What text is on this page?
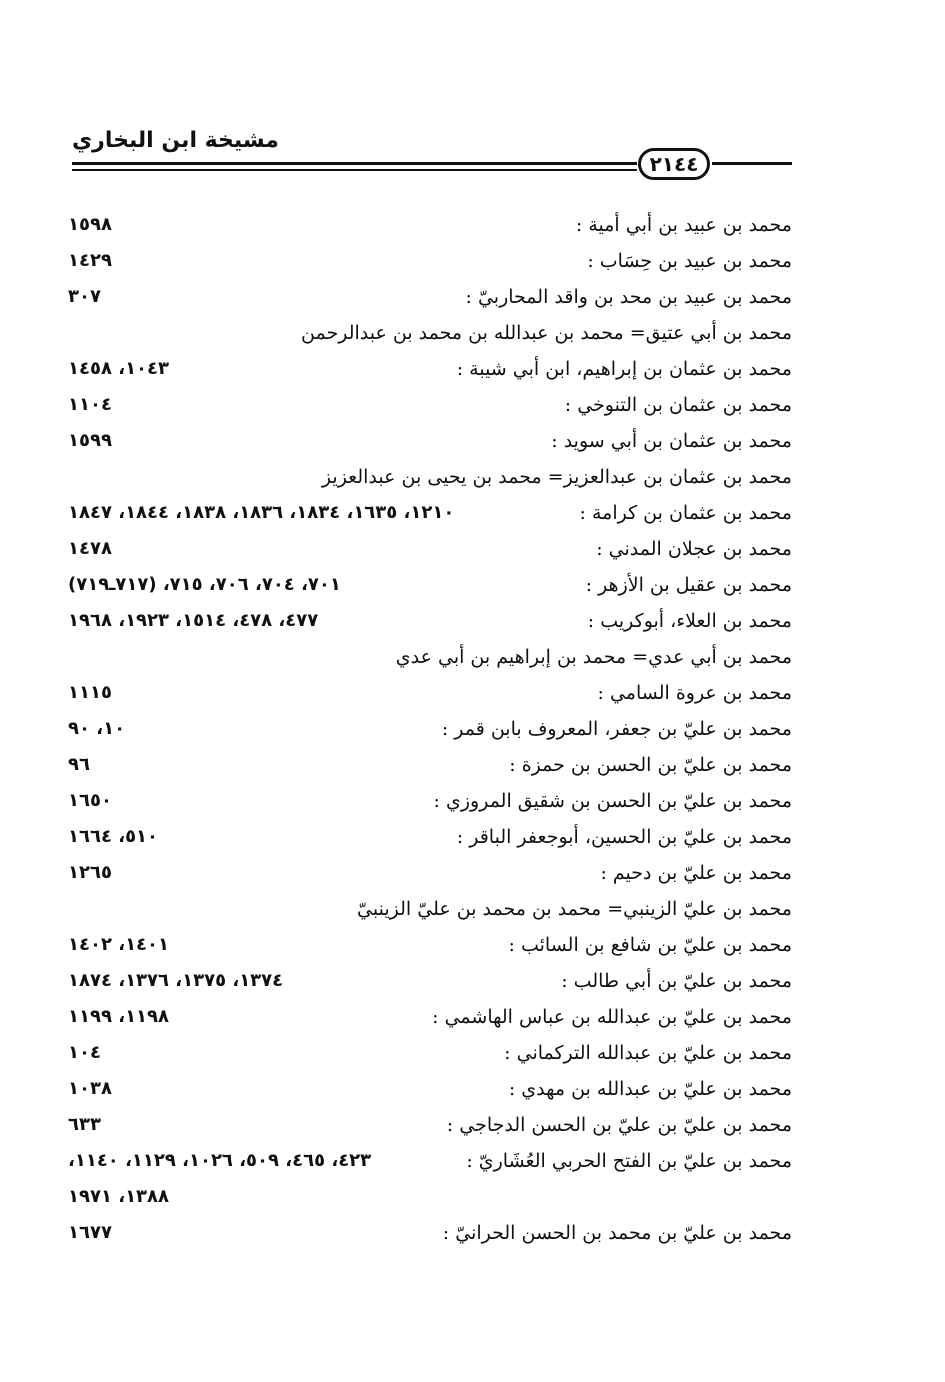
مشيخة ابن البخاري
٢١٤٤
محمد بن عبيد بن أبي أمية :
١٥٩٨
محمد بن عبيد بن حِسَاب :
١٤٢٩
محمد بن عبيد بن محد بن واقد المحاربيّ :
٣٠٧
محمد بن أبي عتيق= محمد بن عبدالله بن محمد بن عبدالرحمن
محمد بن عثمان بن إبراهيم، ابن أبي شيبة :
١٠٤٣، ١٤٥٨
محمد بن عثمان بن التنوخي :
١١٠٤
محمد بن عثمان بن أبي سويد :
١٥٩٩
محمد بن عثمان بن عبدالعزيز= محمد بن يحيى بن عبدالعزيز
محمد بن عثمان بن كرامة :
١٢١٠، ١٦٣٥، ١٨٣٤، ١٨٣٦، ١٨٣٨، ١٨٤٤، ١٨٤٧
محمد بن عجلان المدني :
١٤٧٨
محمد بن عقيل بن الأزهر :
٧٠١، ٧٠٤، ٧٠٦، ٧١٥، (٧١٧ـ٧١٩)
محمد بن العلاء، أبوكريب :
٤٧٧، ٤٧٨، ١٥١٤، ١٩٢٣، ١٩٦٨
محمد بن أبي عدي= محمد بن إبراهيم بن أبي عدي
محمد بن عروة السامي :
١١١٥
محمد بن عليّ بن جعفر، المعروف بابن قمر :
١٠، ٩٠
محمد بن عليّ بن الحسن بن حمزة :
٩٦
محمد بن عليّ بن الحسن بن شقيق المروزي :
١٦٥٠
محمد بن عليّ بن الحسين، أبوجعفر الباقر :
٥١٠، ١٦٦٤
محمد بن عليّ بن دحيم :
١٢٦٥
محمد بن عليّ الزينبي= محمد بن محمد بن عليّ الزينبيّ
محمد بن عليّ بن شافع بن السائب :
١٤٠١، ١٤٠٢
محمد بن عليّ بن أبي طالب :
١٣٧٤، ١٣٧٥، ١٣٧٦، ١٨٧٤
محمد بن عليّ بن عبدالله بن عباس الهاشمي :
١١٩٨، ١١٩٩
محمد بن عليّ بن عبدالله التركماني :
١٠٤
محمد بن عليّ بن عبدالله بن مهدي :
١٠٣٨
محمد بن عليّ بن عليّ بن الحسن الدجاجي :
٦٣٣
محمد بن عليّ بن الفتح الحربي العُشَاريّ :
٤٢٣، ٤٦٥، ٥٠٩، ١٠٢٦، ١١٢٩، ١١٤٠،
١٣٨٨، ١٩٧١
محمد بن عليّ بن محمد بن الحسن الحرانيّ :
١٦٧٧
